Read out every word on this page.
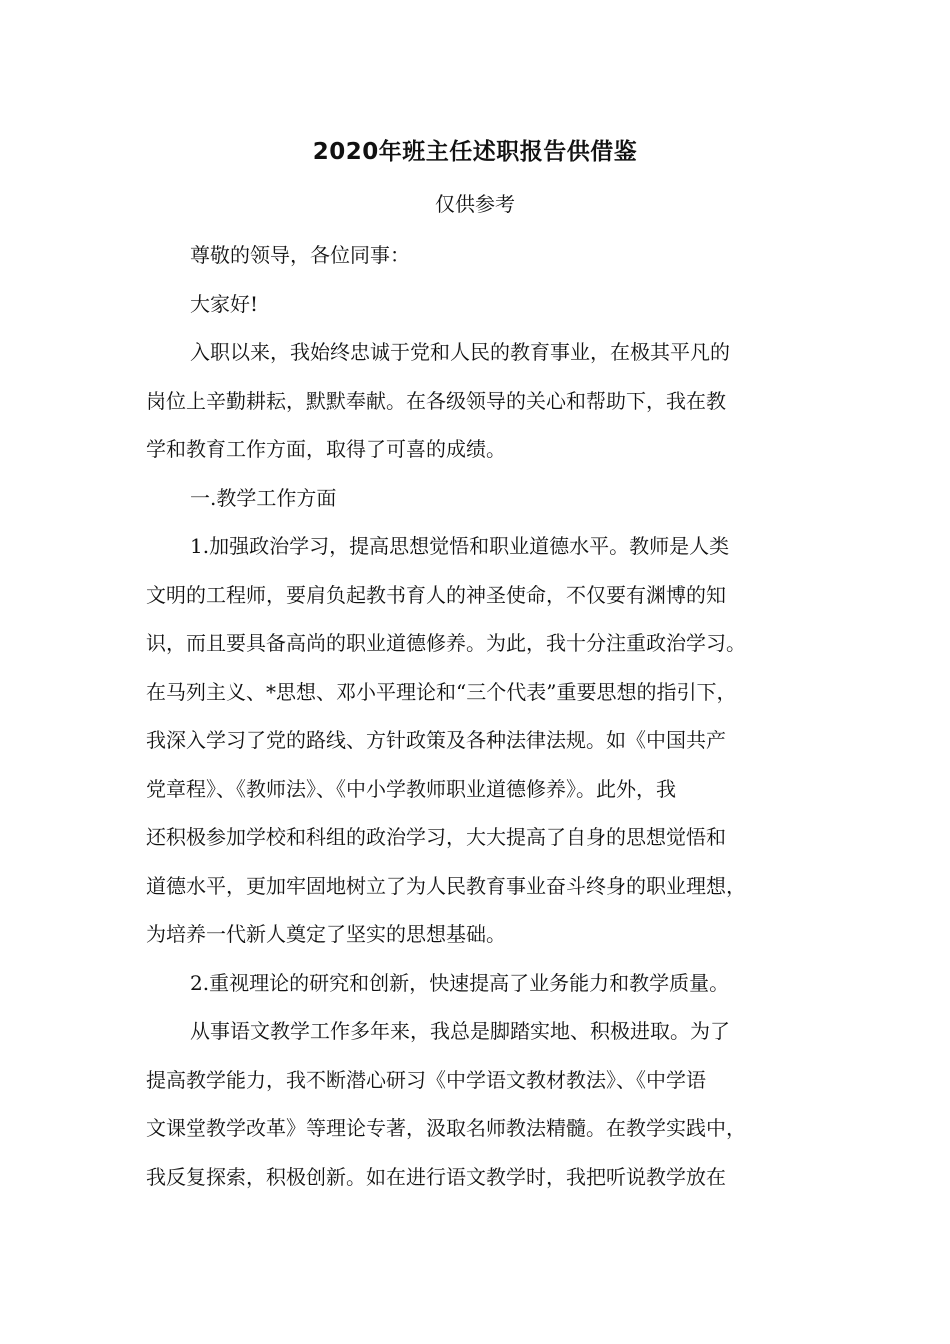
2020年班主任述职报告供借鉴
仅供参考

尊敬的领导，各位同事：

大家好!

入职以来，我始终忠诚于党和人民的教育事业，在极其平凡的
岗位上辛勤耕耘，默默奉献。在各级领导的关心和帮助下，我在教
学和教育工作方面，取得了可喜的成绩。

一.教学工作方面

1.加强政治学习，提高思想觉悟和职业道德水平。教师是人类
文明的工程师，要肩负起教书育人的神圣使命，不仅要有渊博的知
识，而且要具备高尚的职业道德修养。为此，我十分注重政治学习。
在马列主义、*思想、邓小平理论和“三个代表”重要思想的指引下，
我深入学习了党的路线、方针政策及各种法律法规。如《中国共产
党章程》、《教师法》、《中小学教师职业道德修养》。此外，我
还积极参加学校和科组的政治学习，大大提高了自身的思想觉悟和
道德水平，更加牢固地树立了为人民教育事业奋斗终身的职业理想，
为培养一代新人奠定了坚实的思想基础。

2.重视理论的研究和创新，快速提高了业务能力和教学质量。

从事语文教学工作多年来，我总是脚踏实地、积极进取。为了
提高教学能力，我不断潜心研习《中学语文教材教法》、《中学语
文课堂教学改革》等理论专著，汲取名师教法精髓。在教学实践中，
我反复探索，积极创新。如在进行语文教学时，我把听说教学放在
